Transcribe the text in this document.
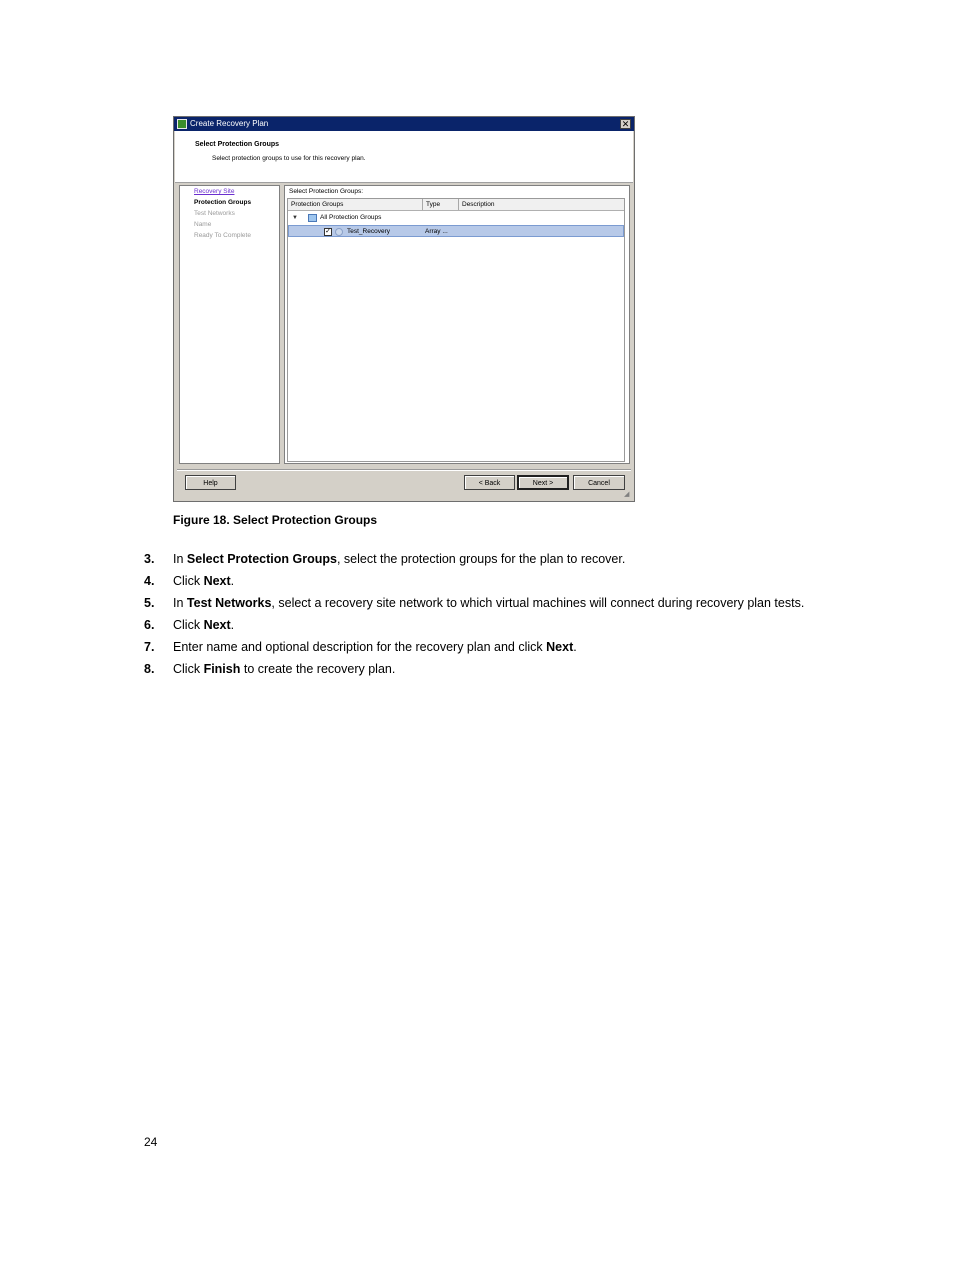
Create Recovery Plan	✕
Select Protection Groups
Select protection groups to use for this recovery plan.
Recovery Site
Protection Groups
Test Networks
Name
Ready To Complete
Select Protection Groups:
Protection Groups	Type	Description
▼	All Protection Groups
✓ Test_Recovery	Array ...
Help	< Back	Next >	Cancel
◢
Figure 18. Select Protection Groups
3. In Select Protection Groups, select the protection groups for the plan to recover.
4. Click Next.
5. In Test Networks, select a recovery site network to which virtual machines will connect during recovery plan tests.
6. Click Next.
7. Enter name and optional description for the recovery plan and click Next.
8. Click Finish to create the recovery plan.
24
